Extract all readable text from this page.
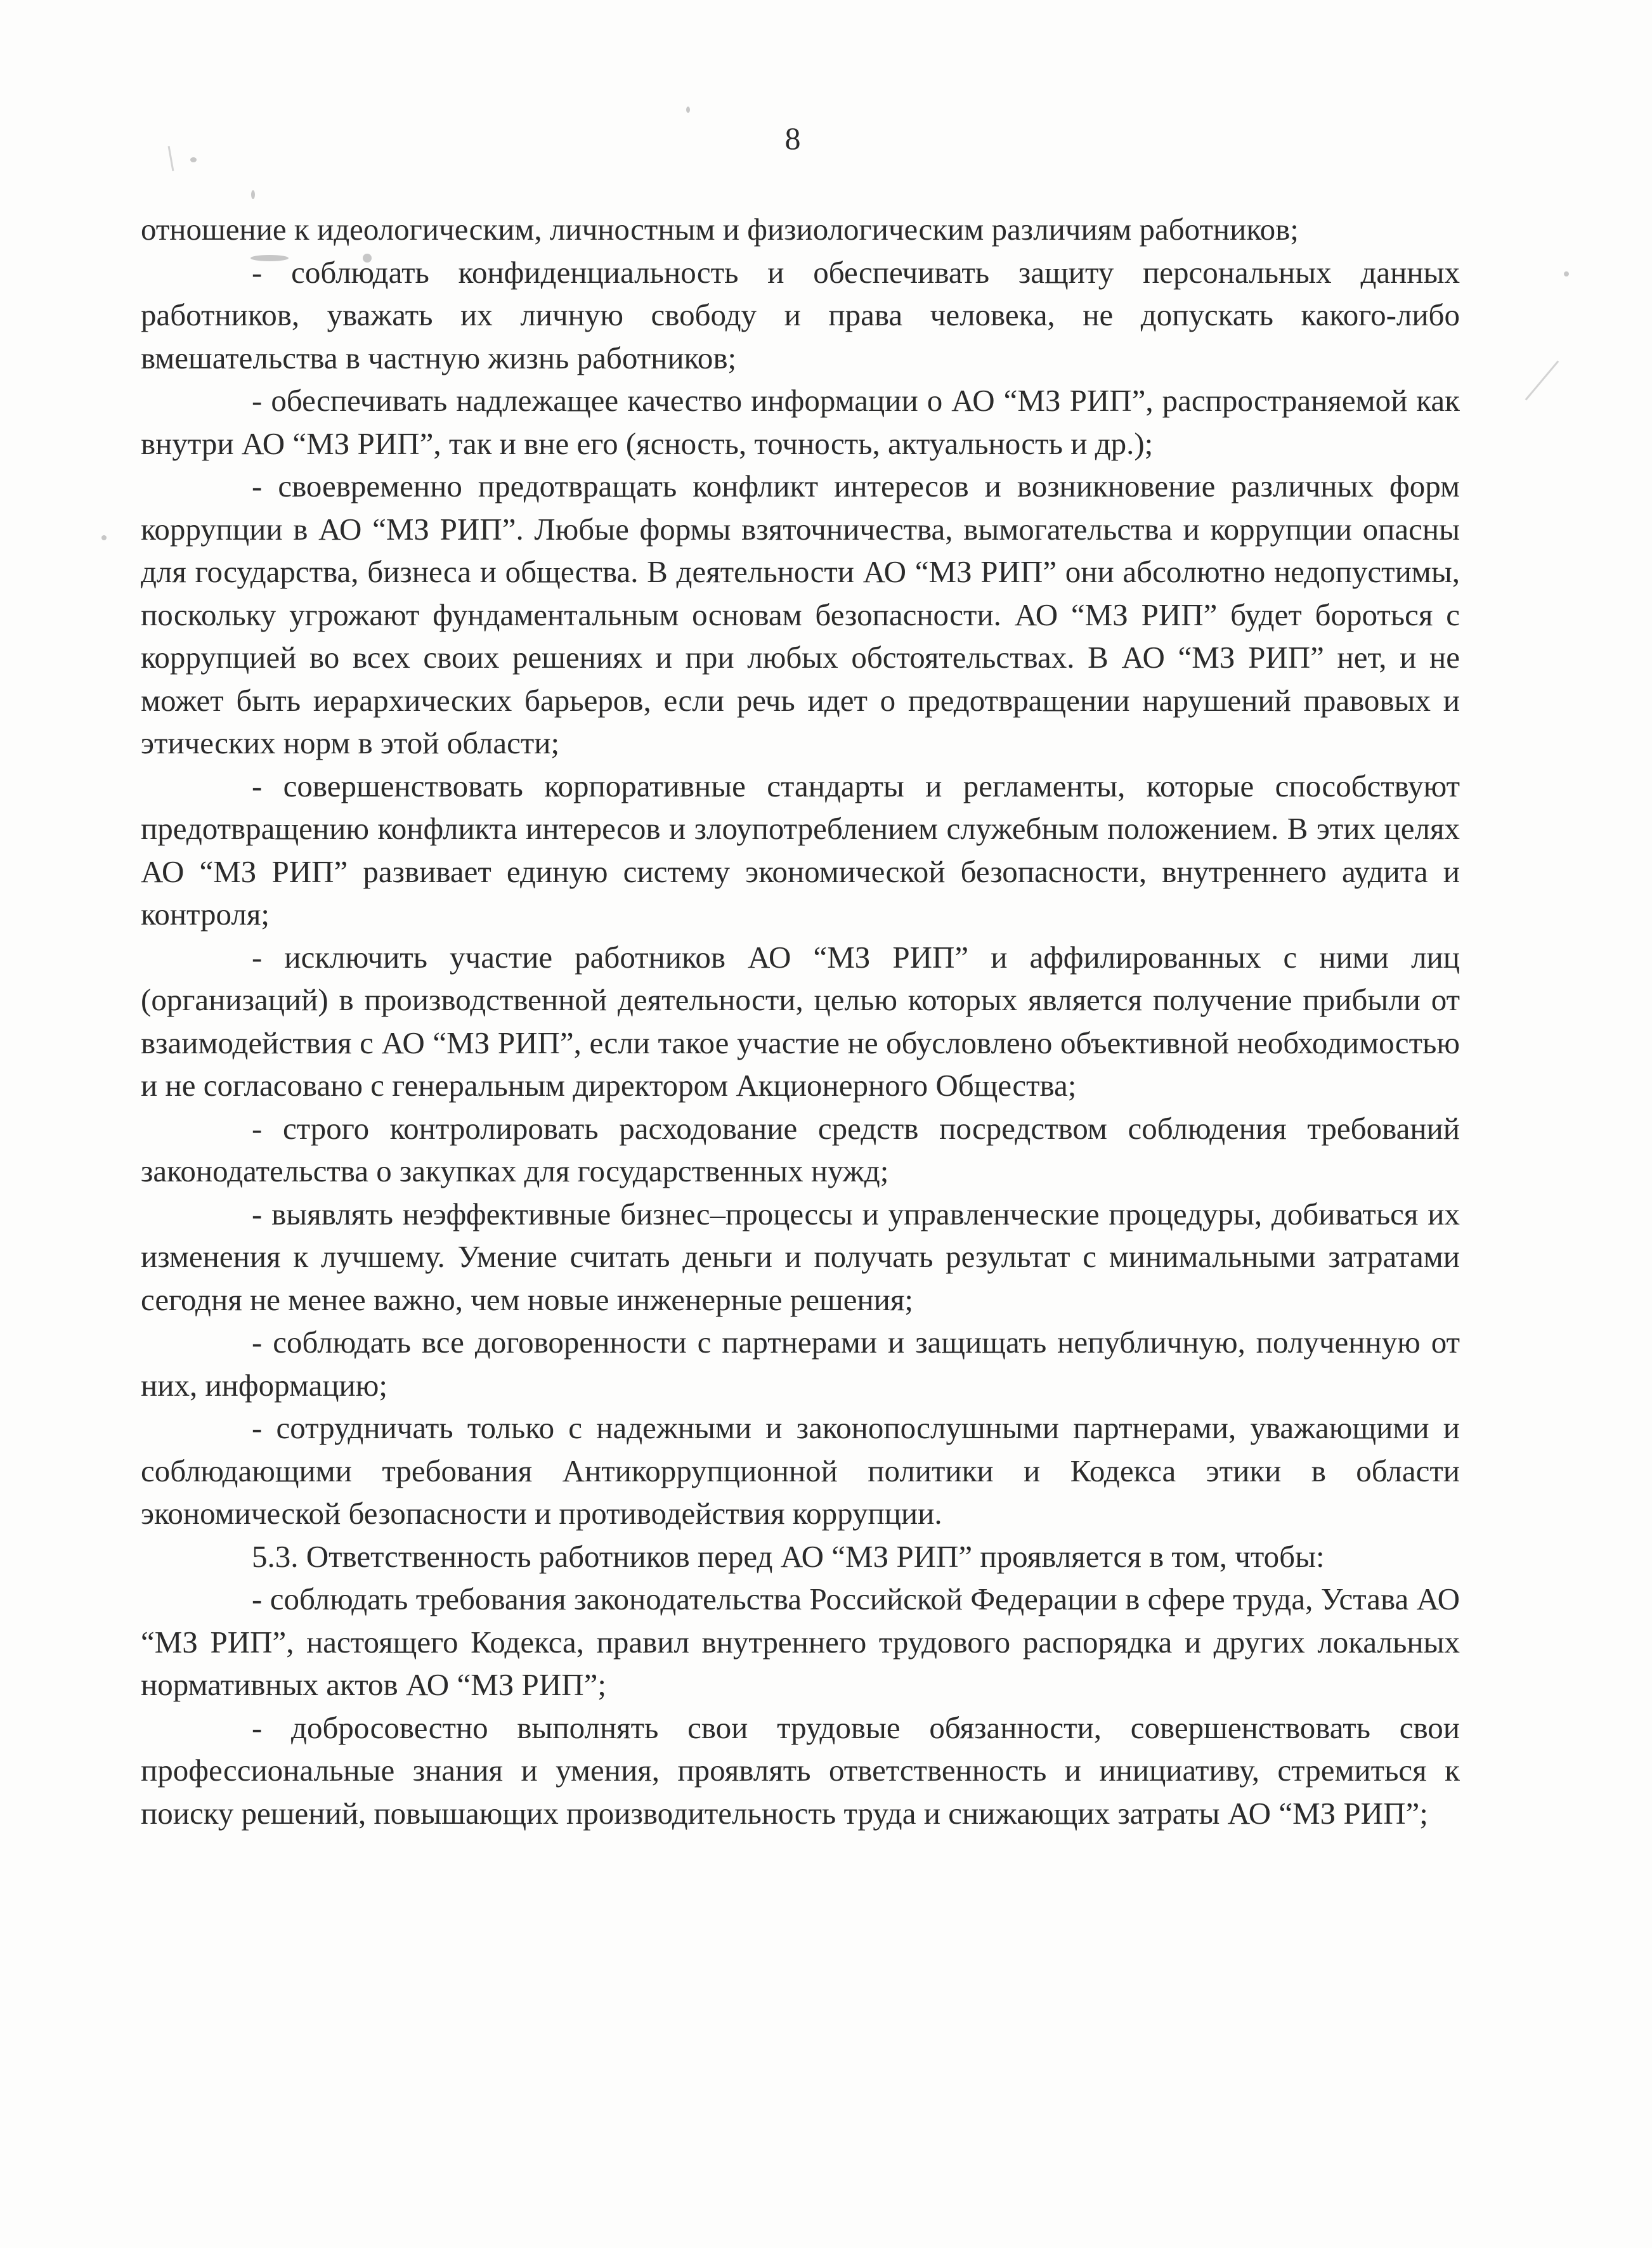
8

отношение к идеологическим, личностным и физиологическим различиям работников;

- соблюдать конфиденциальность и обеспечивать защиту персональных данных работников, уважать их личную свободу и права человека, не допускать какого-либо вмешательства в частную жизнь работников;

- обеспечивать надлежащее качество информации о АО “МЗ РИП”, распространяемой как внутри АО “МЗ РИП”, так и вне его (ясность, точность, актуальность и др.);

- своевременно предотвращать конфликт интересов и возникновение различных форм коррупции в АО “МЗ РИП”. Любые формы взяточничества, вымогательства и коррупции опасны для государства, бизнеса и общества. В деятельности АО “МЗ РИП” они абсолютно недопустимы, поскольку угрожают фундаментальным основам безопасности. АО “МЗ РИП” будет бороться с коррупцией во всех своих решениях и при любых обстоятельствах. В АО “МЗ РИП” нет, и не может быть иерархических барьеров, если речь идет о предотвращении нарушений правовых и этических норм в этой области;

- совершенствовать корпоративные стандарты и регламенты, которые способствуют предотвращению конфликта интересов и злоупотреблением служебным положением. В этих целях АО “МЗ РИП” развивает единую систему экономической безопасности, внутреннего аудита и контроля;

- исключить участие работников АО “МЗ РИП” и аффилированных с ними лиц (организаций) в производственной деятельности, целью которых является получение прибыли от взаимодействия с АО “МЗ РИП”, если такое участие не обусловлено объективной необходимостью и не согласовано с генеральным директором Акционерного Общества;

- строго контролировать расходование средств посредством соблюдения требований законодательства о закупках для государственных нужд;

- выявлять неэффективные бизнес–процессы и управленческие процедуры, добиваться их изменения к лучшему. Умение считать деньги и получать результат с минимальными затратами сегодня не менее важно, чем новые инженерные решения;

- соблюдать все договоренности с партнерами и защищать непубличную, полученную от них, информацию;

- сотрудничать только с надежными и законопослушными партнерами, уважающими и соблюдающими требования Антикоррупционной политики и Кодекса этики в области экономической безопасности и противодействия коррупции.

5.3. Ответственность работников перед АО “МЗ РИП” проявляется в том, чтобы:

- соблюдать требования законодательства Российской Федерации в сфере труда, Устава АО “МЗ РИП”, настоящего Кодекса, правил внутреннего трудового распорядка и других локальных нормативных актов АО “МЗ РИП”;

- добросовестно выполнять свои трудовые обязанности, совершенствовать свои профессиональные знания и умения, проявлять ответственность и инициативу, стремиться к поиску решений, повышающих производительность труда и снижающих затраты АО “МЗ РИП”;
